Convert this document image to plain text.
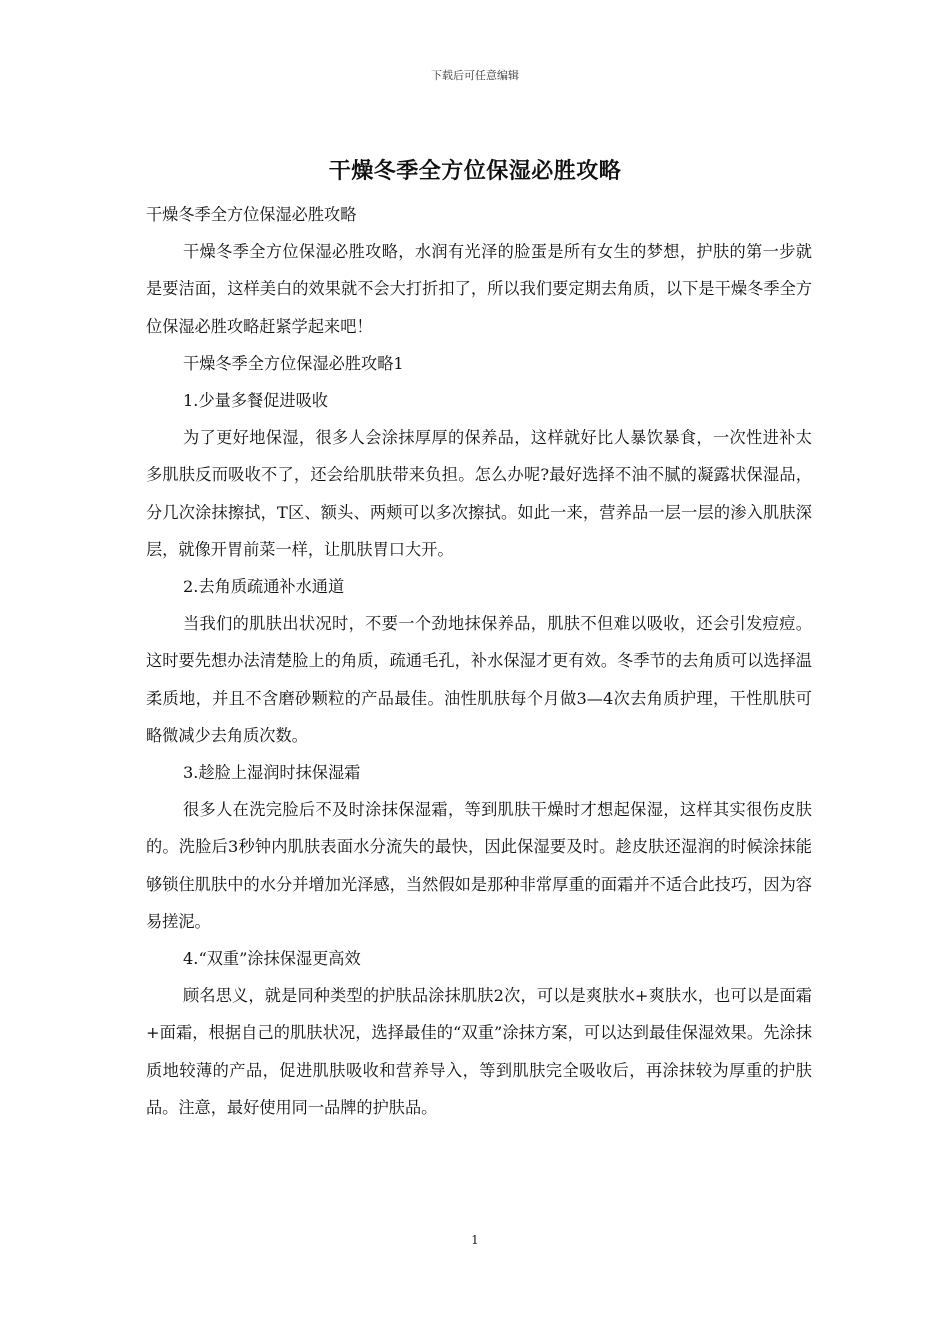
下载后可任意编辑
干燥冬季全方位保湿必胜攻略

干燥冬季全方位保湿必胜攻略

干燥冬季全方位保湿必胜攻略，水润有光泽的脸蛋是所有女生的梦想，护肤的第一步就是要洁面，这样美白的效果就不会大打折扣了，所以我们要定期去角质，以下是干燥冬季全方位保湿必胜攻略赶紧学起来吧！

干燥冬季全方位保湿必胜攻略1

1.少量多餐促进吸收

为了更好地保湿，很多人会涂抹厚厚的保养品，这样就好比人暴饮暴食，一次性进补太多肌肤反而吸收不了，还会给肌肤带来负担。怎么办呢?最好选择不油不腻的凝露状保湿品，分几次涂抹擦拭，T区、额头、两颊可以多次擦拭。如此一来，营养品一层一层的渗入肌肤深层，就像开胃前菜一样，让肌肤胃口大开。

2.去角质疏通补水通道

当我们的肌肤出状况时，不要一个劲地抹保养品，肌肤不但难以吸收，还会引发痘痘。这时要先想办法清楚脸上的角质，疏通毛孔，补水保湿才更有效。冬季节的去角质可以选择温柔质地，并且不含磨砂颗粒的产品最佳。油性肌肤每个月做3—4次去角质护理，干性肌肤可略微减少去角质次数。

3.趁脸上湿润时抹保湿霜

很多人在洗完脸后不及时涂抹保湿霜，等到肌肤干燥时才想起保湿，这样其实很伤皮肤的。洗脸后3秒钟内肌肤表面水分流失的最快，因此保湿要及时。趁皮肤还湿润的时候涂抹能够锁住肌肤中的水分并增加光泽感，当然假如是那种非常厚重的面霜并不适合此技巧，因为容易搓泥。

4.“双重”涂抹保湿更高效

顾名思义，就是同种类型的护肤品涂抹肌肤2次，可以是爽肤水+爽肤水，也可以是面霜+面霜，根据自己的肌肤状况，选择最佳的“双重”涂抹方案，可以达到最佳保湿效果。先涂抹质地较薄的产品，促进肌肤吸收和营养导入，等到肌肤完全吸收后，再涂抹较为厚重的护肤品。注意，最好使用同一品牌的护肤品。

1
